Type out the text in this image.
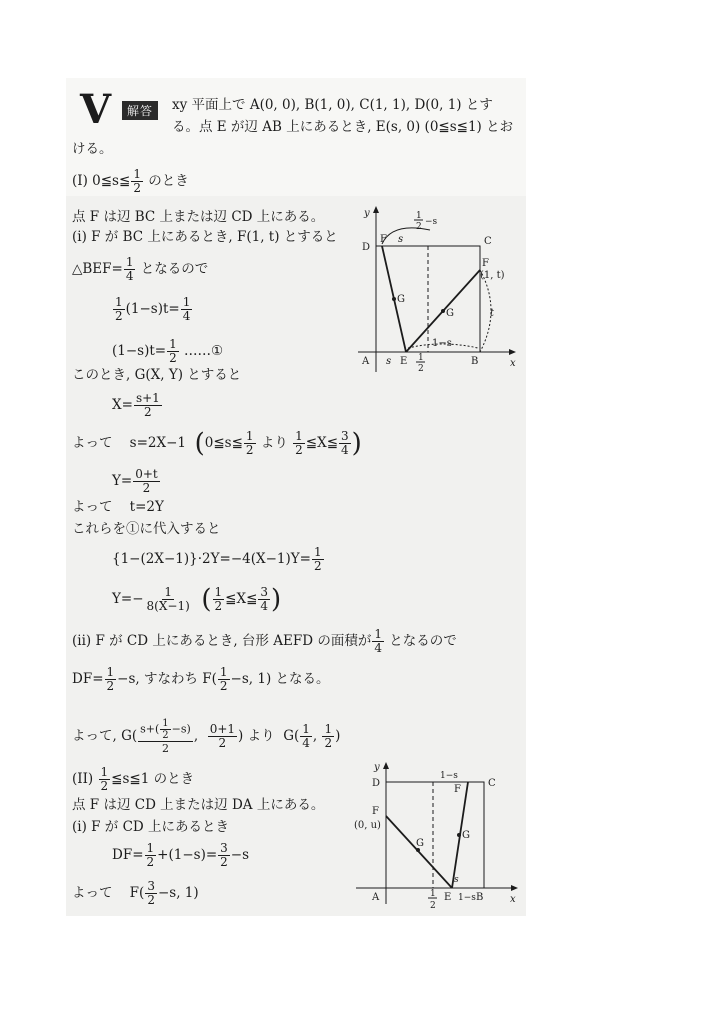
V	解答	xy 平面上で A(0, 0), B(1, 0), C(1, 1), D(0, 1) とす
る。点 E が辺 AB 上にあるとき, E(s, 0) (0≦s≦1) とお
ける。
(I) 0≦s≦ $\frac{1}{2}$ のとき
点 F は辺 BC 上または辺 CD 上にある。
(i) F が BC 上にあるとき, F(1, t) とすると
△BEF= $\frac{1}{4}$ となるので
$\frac{1}{2} (1-s)t= \frac{1}{4}$
$(1-s)t= \frac{1}{2}$ ……①
このとき, G(X, Y) とすると
$X= \frac{s+1}{2}$
よって s=2X−1 (0≦s≦ $\frac{1}{2}$ より $\frac{1}{2}$ ≦X≦ $\frac{3}{4}$ )
$Y= \frac{0+t}{2}$
よって t=2Y
これらを①に代入すると
$\{1-(2X-1)\}\cdot 2Y=-4(X-1)Y= \frac{1}{2}$
$Y=- \frac{1}{8(X-1)}$ ( $\frac{1}{2}$ ≦X≦ $\frac{3}{4}$ )
(ii) F が CD 上にあるとき, 台形 AEFD の面積が $\frac{1}{4}$ となるので
$DF= \frac{1}{2} -s$, すなわち $F( \frac{1}{2} -s$, 1) となる。
よって, $G( \frac{s+( \frac{1}{2} -s)}{2}$ , $\frac{0+1}{2}$ ) より $G( \frac{1}{4}$ , $\frac{1}{2}$ )
$(II) \frac{1}{2}$ ≦s≦1 のとき
点 F は辺 CD 上または辺 DA 上にある。
(i) F が CD 上にあるとき
$DF= \frac{1}{2} +(1-s)= \frac{3}{2} -s$
よって $F( \frac{3}{2} -s$, 1)
y
x
D
F s	C
F
(1, t)
G
G	t
A s E
1−s
B
1
2 −s
1
2
y
x
D	C
F
1−s
F
(0, u)
G
G
A	E
s
1−s B
1
2
